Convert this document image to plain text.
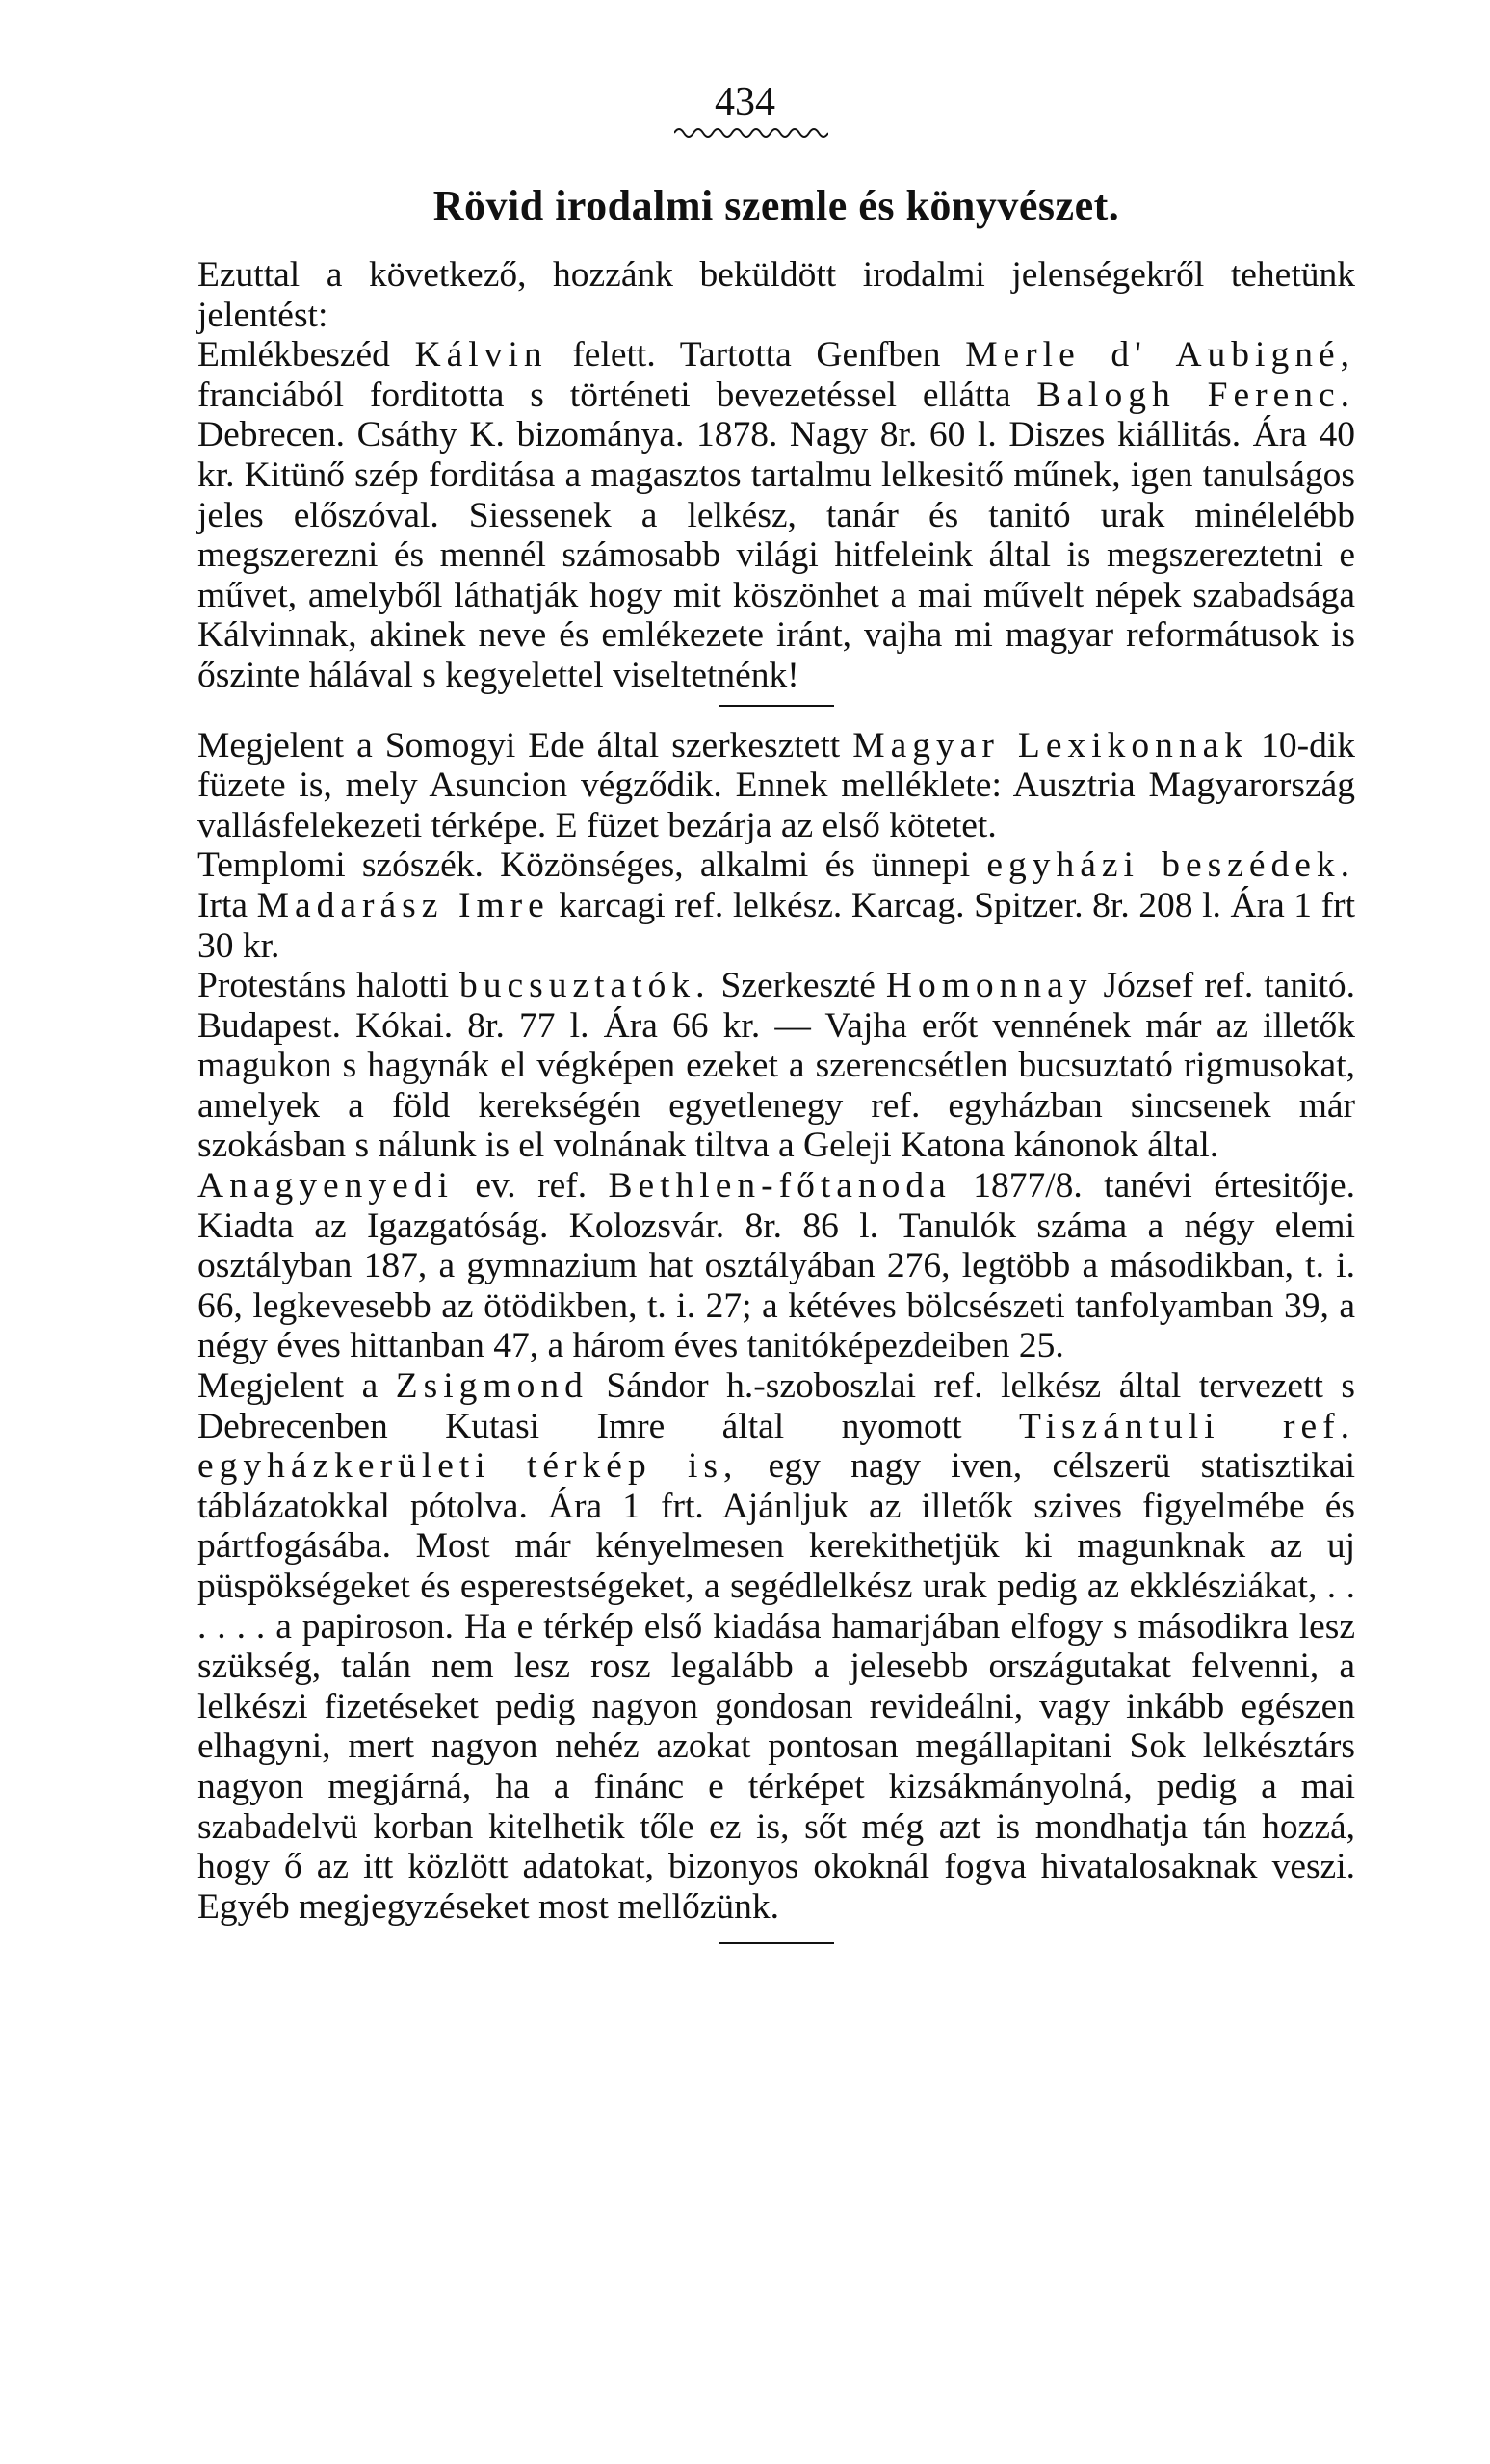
434
Rövid irodalmi szemle és könyvészet.

Ezuttal a következő, hozzánk beküldött irodalmi jelenségekről tehetünk jelentést:

Emlékbeszéd Kálvin felett. Tartotta Genfben Merle d' Aubigné, franciából forditotta s történeti bevezetéssel ellátta Balogh Ferenc. Debrecen. Csáthy K. bizománya. 1878. Nagy 8r. 60 l. Diszes kiállitás. Ára 40 kr. Kitünő szép forditása a magasztos tartalmu lelkesitő műnek, igen tanulságos jeles előszóval. Siessenek a lelkész, tanár és tanitó urak minélelébb megszerezni és mennél számosabb világi hitfeleink által is megszereztetni e művet, amelyből láthatják hogy mit köszönhet a mai művelt népek szabadsága Kálvinnak, akinek neve és emlékezete iránt, vajha mi magyar reformátusok is őszinte hálával s kegyelettel viseltetnénk!

Megjelent a Somogyi Ede által szerkesztett Magyar Lexikonnak 10-dik füzete is, mely Asuncion végződik. Ennek melléklete: Ausztria Magyarország vallásfelekezeti térképe. E füzet bezárja az első kötetet.

Templomi szószék. Közönséges, alkalmi és ünnepi egyházi beszédek. Irta Madarász Imre karcagi ref. lelkész. Karcag. Spitzer. 8r. 208 l. Ára 1 frt 30 kr.

Protestáns halotti bucsuztatók. Szerkeszté Homonnay József ref. tanitó. Budapest. Kókai. 8r. 77 l. Ára 66 kr. — Vajha erőt vennének már az illetők magukon s hagynák el végképen ezeket a szerencsétlen bucsuztató rigmusokat, amelyek a föld kerekségén egyetlenegy ref. egyházban sincsenek már szokásban s nálunk is el volnának tiltva a Geleji Katona kánonok által.

Anagyenyedi ev. ref. Bethlen-főtanoda 1877/8. tanévi értesitője. Kiadta az Igazgatóság. Kolozsvár. 8r. 86 l. Tanulók száma a négy elemi osztályban 187, a gymnazium hat osztályában 276, legtöbb a másodikban, t. i. 66, legkevesebb az ötödikben, t. i. 27; a kétéves bölcsészeti tanfolyamban 39, a négy éves hittanban 47, a három éves tanitóképezdeiben 25.

Megjelent a Zsigmond Sándor h.-szoboszlai ref. lelkész által tervezett s Debrecenben Kutasi Imre által nyomott Tiszántuli ref. egyházkerületi térkép is, egy nagy iven, célszerü statisztikai táblázatokkal pótolva. Ára 1 frt. Ajánljuk az illetők szives figyelmébe és pártfogásába. Most már kényelmesen kerekithetjük ki magunknak az uj püspökségeket és esperestségeket, a segédlelkész urak pedig az ekklésziákat, . . . . . . a papiroson. Ha e térkép első kiadása hamarjában elfogy s másodikra lesz szükség, talán nem lesz rosz legalább a jelesebb országutakat felvenni, a lelkészi fizetéseket pedig nagyon gondosan revideálni, vagy inkább egészen elhagyni, mert nagyon nehéz azokat pontosan megállapitani Sok lelkésztárs nagyon megjárná, ha a finánc e térképet kizsákmányolná, pedig a mai szabadelvü korban kitelhetik tőle ez is, sőt még azt is mondhatja tán hozzá, hogy ő az itt közlött adatokat, bizonyos okoknál fogva hivatalosaknak veszi. Egyéb megjegyzéseket most mellőzünk.
